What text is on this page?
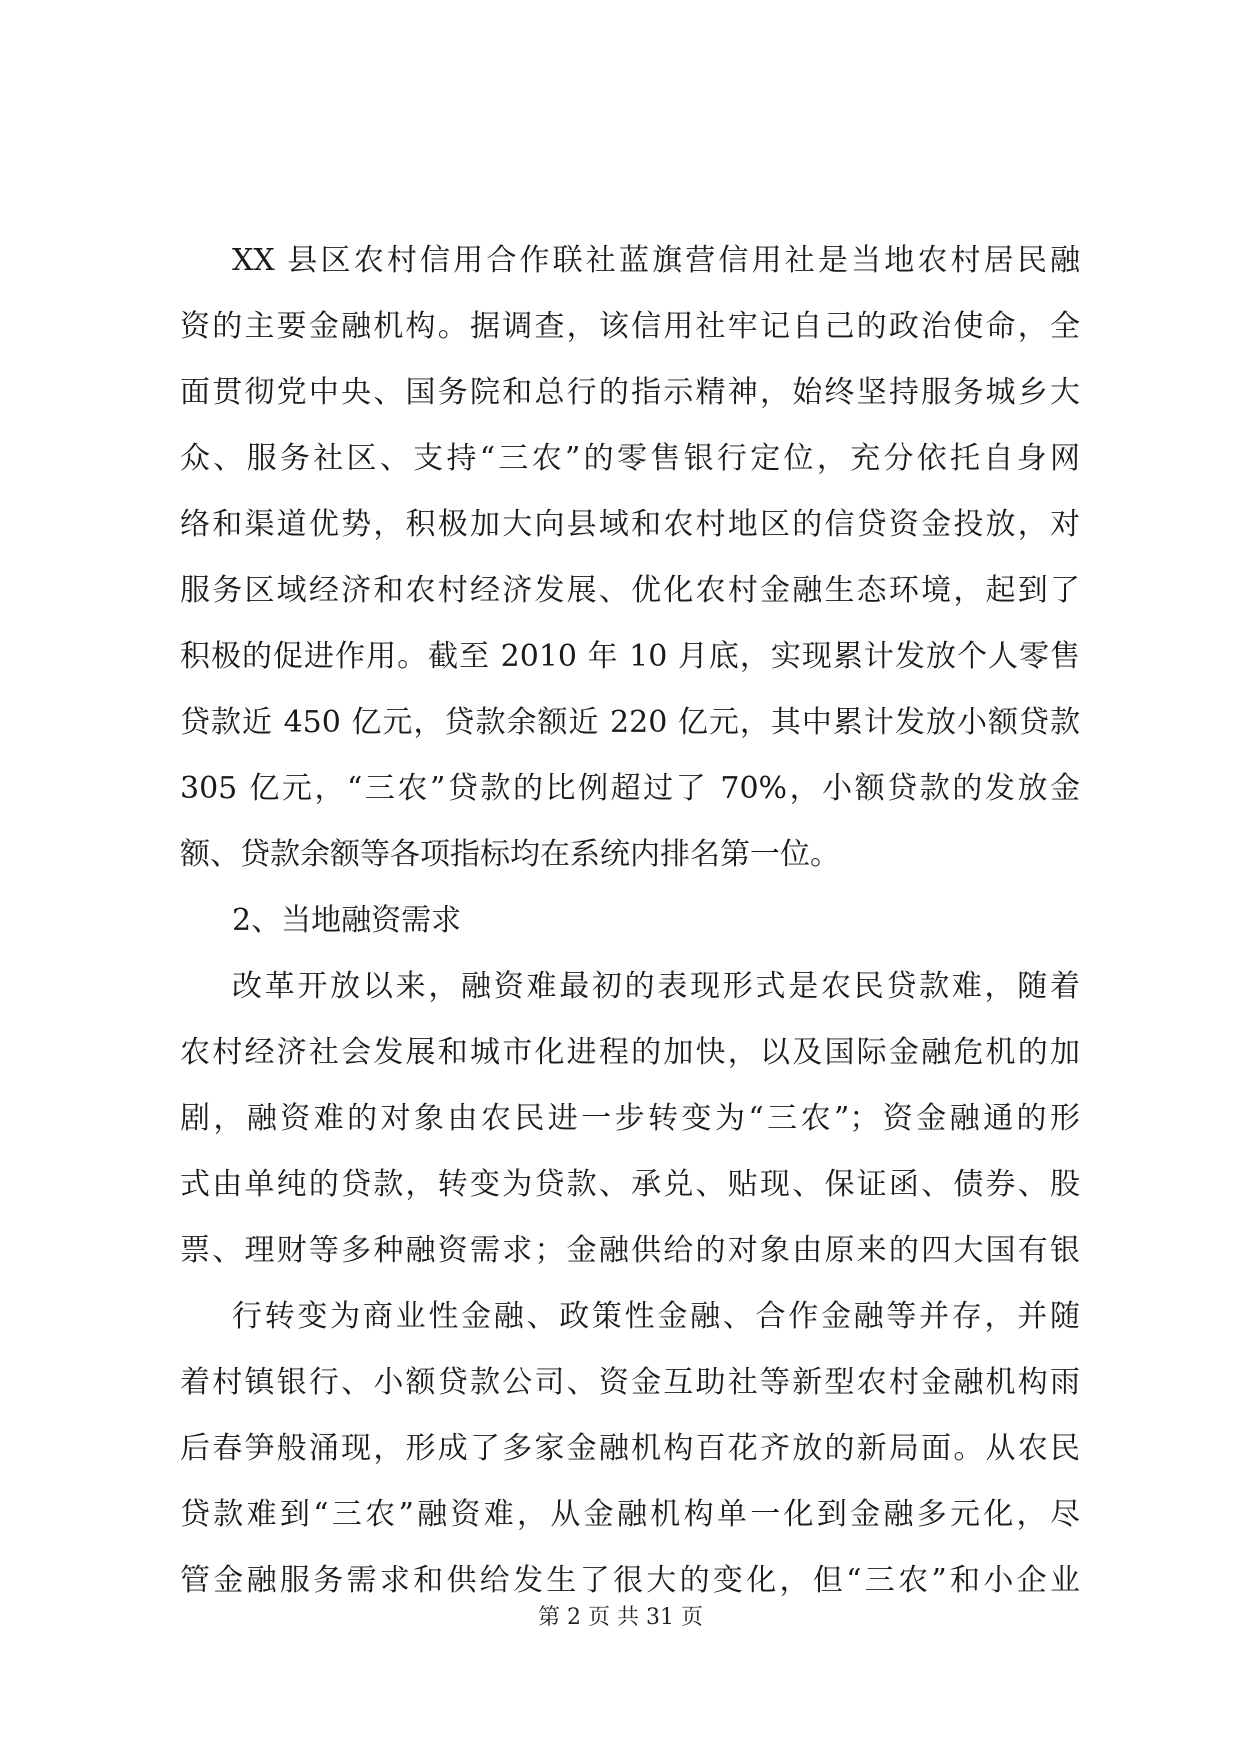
XX 县区农村信用合作联社蓝旗营信用社是当地农村居民融
资的主要金融机构。据调查，该信用社牢记自己的政治使命，全
面贯彻党中央、国务院和总行的指示精神，始终坚持服务城乡大
众、服务社区、支持“三农”的零售银行定位，充分依托自身网
络和渠道优势，积极加大向县域和农村地区的信贷资金投放，对
服务区域经济和农村经济发展、优化农村金融生态环境，起到了
积极的促进作用。截至 2010 年 10 月底，实现累计发放个人零售
贷款近 450 亿元，贷款余额近 220 亿元，其中累计发放小额贷款
305 亿元，“三农”贷款的比例超过了 70%，小额贷款的发放金
额、贷款余额等各项指标均在系统内排名第一位。
2、当地融资需求
改革开放以来，融资难最初的表现形式是农民贷款难，随着
农村经济社会发展和城市化进程的加快，以及国际金融危机的加
剧，融资难的对象由农民进一步转变为“三农”；资金融通的形
式由单纯的贷款，转变为贷款、承兑、贴现、保证函、债券、股
票、理财等多种融资需求；金融供给的对象由原来的四大国有银
行转变为商业性金融、政策性金融、合作金融等并存，并随
着村镇银行、小额贷款公司、资金互助社等新型农村金融机构雨
后春笋般涌现，形成了多家金融机构百花齐放的新局面。从农民
贷款难到“三农”融资难，从金融机构单一化到金融多元化，尽
管金融服务需求和供给发生了很大的变化，但“三农”和小企业
第 2 页 共 31 页
